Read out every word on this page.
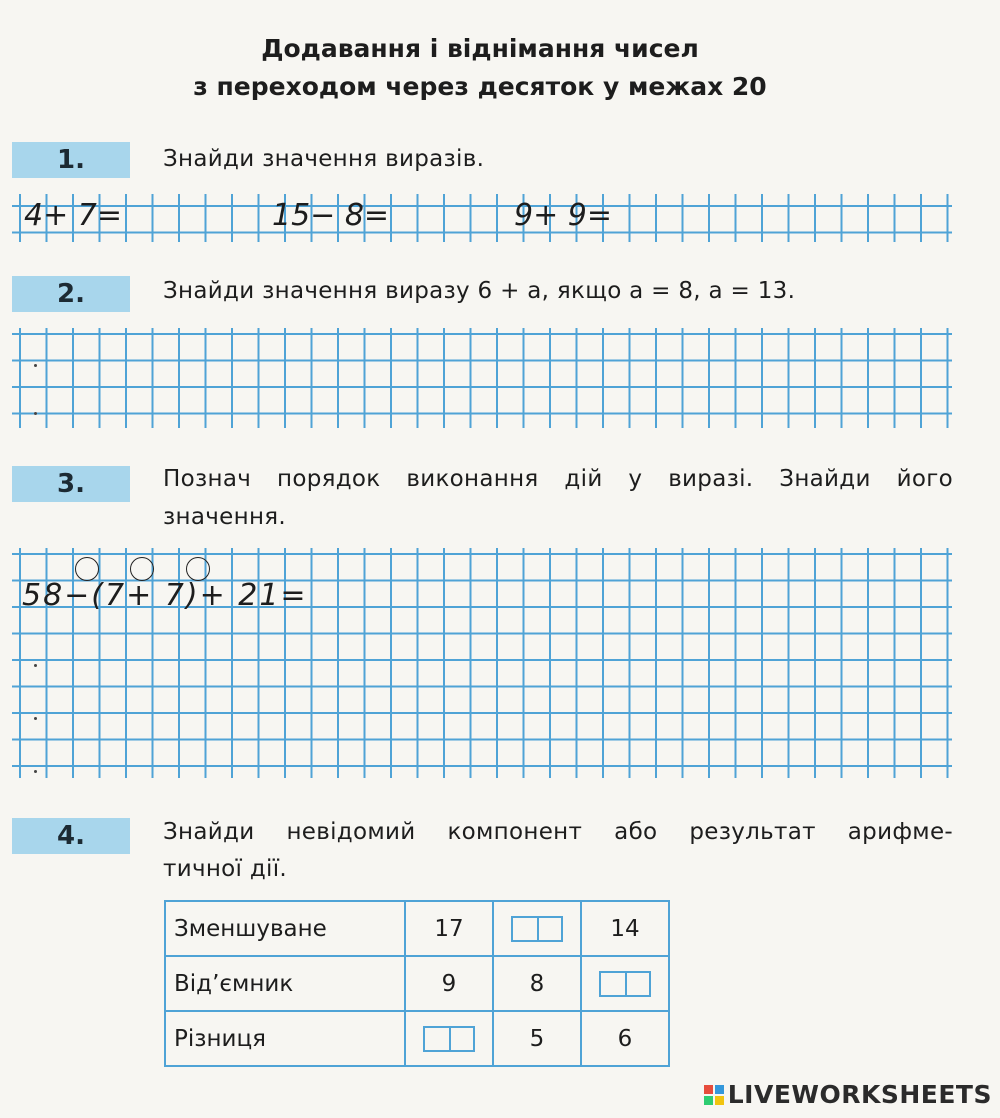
Додавання і віднімання чисел
з переходом через десяток у межах 20
1.	Знайди значення виразів.
4+ 7=	15− 8=	9+ 9=
2.	Знайди значення виразу 6 + a, якщо a = 8, a = 13.
3.	Познач порядок виконання дій у виразі. Знайди його
значення.
58−(7+ 7)+ 21=
4.	Знайди невідомий компонент або результат арифме-
тичної дії.
Зменшуване	17		14
Від’ємник	9	8	
Різниця		5	6
LIVEWORKSHEETS
